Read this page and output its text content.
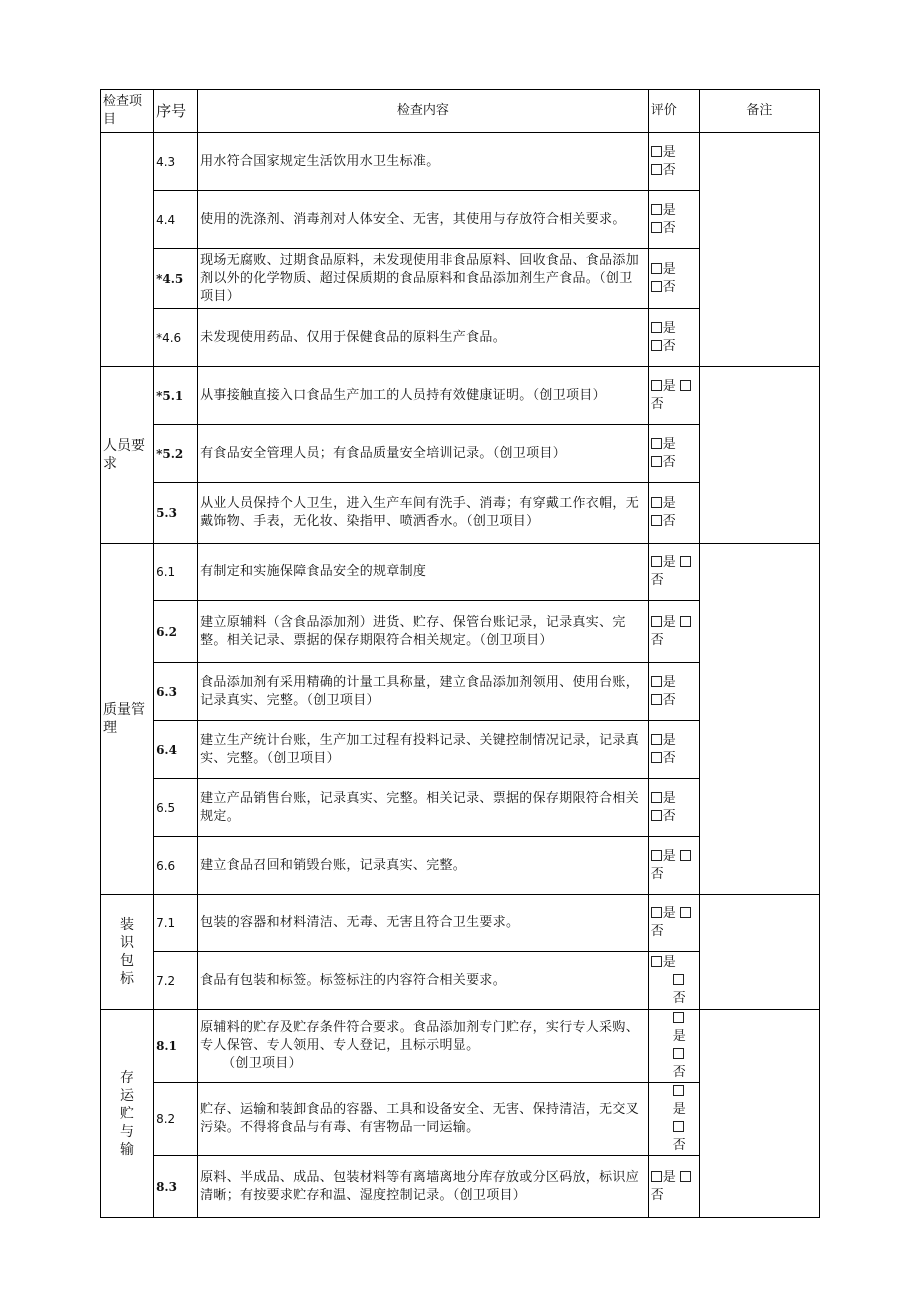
检查项目	序号	检查内容	评价	备注
	4.3	用水符合国家规定生活饮用水卫生标准。	是
否	

	4.4	使用的洗涤剂、消毒剂对人体安全、无害，其使用与存放符合相关要求。	是
否	

	*4.5	现场无腐败、过期食品原料，未发现使用非食品原料、回收食品、食品添加剂以外的化学物质、超过保质期的食品原料和食品添加剂生产食品。（创卫项目）	是
否	

	*4.6	未发现使用药品、仅用于保健食品的原料生产食品。	是
否	

人员要求	*5.1	从事接触直接入口食品生产加工的人员持有效健康证明。（创卫项目）	是 否	
	*5.2	有食品安全管理人员；有食品质量安全培训记录。（创卫项目）	是
否	

	5.3	从业人员保持个人卫生，进入生产车间有洗手、消毒；有穿戴工作衣帽，无戴饰物、手表，无化妆、染指甲、喷洒香水。（创卫项目）	是
否	

质量管理	6.1	有制定和实施保障食品安全的规章制度	是 否	
	6.2	建立原辅料（含食品添加剂）进货、贮存、保管台账记录，记录真实、完整。相关记录、票据的保存期限符合相关规定。（创卫项目）	是 否	
	6.3	食品添加剂有采用精确的计量工具称量，建立食品添加剂领用、使用台账，记录真实、完整。（创卫项目）	是
否	

	6.4	建立生产统计台账，生产加工过程有投料记录、关键控制情况记录，记录真实、完整。（创卫项目）	是
否	

	6.5	建立产品销售台账，记录真实、完整。相关记录、票据的保存期限符合相关规定。	是
否	

	6.6	建立食品召回和销毁台账，记录真实、完整。	是 否	
装识包标	7.1	包装的容器和材料清洁、无毒、无害且符合卫生要求。	是 否	
	7.2	食品有包装和标签。标签标注的内容符合相关要求。	是
否	

存运贮与输	8.1	原辅料的贮存及贮存条件符合要求。食品添加剂专门贮存，实行专人采购、专人保管、专人领用、专人登记，且标示明显。
（创卫项目）	是
否	

	8.2	贮存、运输和装卸食品的容器、工具和设备安全、无害、保持清洁，无交叉污染。不得将食品与有毒、有害物品一同运输。	是
否	

	8.3	原料、半成品、成品、包装材料等有离墙离地分库存放或分区码放，标识应清晰；有按要求贮存和温、湿度控制记录。（创卫项目）	是 否	
